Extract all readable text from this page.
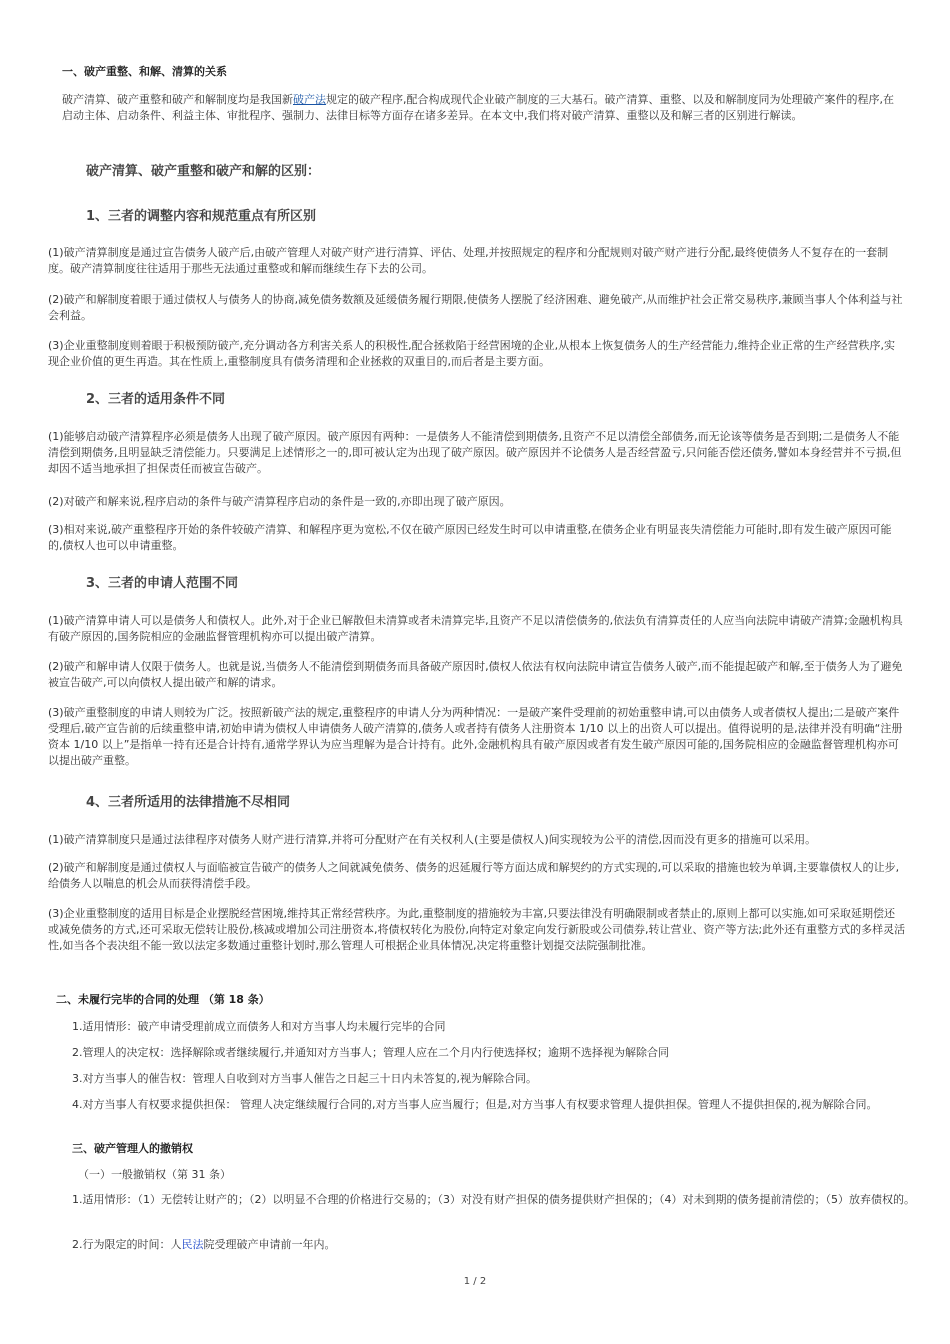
一、破产重整、和解、清算的关系

破产清算、破产重整和破产和解制度均是我国新破产法规定的破产程序,配合构成现代企业破产制度的三大基石。破产清算、重整、以及和解制度同为处理破产案件的程序,在启动主体、启动条件、利益主体、审批程序、强制力、法律目标等方面存在诸多差异。在本文中,我们将对破产清算、重整以及和解三者的区别进行解读。

破产清算、破产重整和破产和解的区别：

1、三者的调整内容和规范重点有所区别

(1)破产清算制度是通过宣告债务人破产后,由破产管理人对破产财产进行清算、评估、处理,并按照规定的程序和分配规则对破产财产进行分配,最终使债务人不复存在的一套制度。破产清算制度往往适用于那些无法通过重整或和解而继续生存下去的公司。

(2)破产和解制度着眼于通过债权人与债务人的协商,减免债务数额及延缓债务履行期限,使债务人摆脱了经济困难、避免破产,从而维护社会正常交易秩序,兼顾当事人个体利益与社会利益。

(3)企业重整制度则着眼于积极预防破产,充分调动各方利害关系人的积极性,配合拯救陷于经营困境的企业,从根本上恢复债务人的生产经营能力,维持企业正常的生产经营秩序,实现企业价值的更生再造。其在性质上,重整制度具有债务清理和企业拯救的双重目的,而后者是主要方面。

2、三者的适用条件不同

(1)能够启动破产清算程序必须是债务人出现了破产原因。破产原因有两种：一是债务人不能清偿到期债务,且资产不足以清偿全部债务,而无论该等债务是否到期;二是债务人不能清偿到期债务,且明显缺乏清偿能力。只要满足上述情形之一的,即可被认定为出现了破产原因。破产原因并不论债务人是否经营盈亏,只问能否偿还债务,譬如本身经营并不亏损,但却因不适当地承担了担保责任而被宣告破产。

(2)对破产和解来说,程序启动的条件与破产清算程序启动的条件是一致的,亦即出现了破产原因。

(3)相对来说,破产重整程序开始的条件较破产清算、和解程序更为宽松,不仅在破产原因已经发生时可以申请重整,在债务企业有明显丧失清偿能力可能时,即有发生破产原因可能的,债权人也可以申请重整。

3、三者的申请人范围不同

(1)破产清算申请人可以是债务人和债权人。此外,对于企业已解散但未清算或者未清算完毕,且资产不足以清偿债务的,依法负有清算责任的人应当向法院申请破产清算;金融机构具有破产原因的,国务院相应的金融监督管理机构亦可以提出破产清算。

(2)破产和解申请人仅限于债务人。也就是说,当债务人不能清偿到期债务而具备破产原因时,债权人依法有权向法院申请宣告债务人破产,而不能提起破产和解,至于债务人为了避免被宣告破产,可以向债权人提出破产和解的请求。

(3)破产重整制度的申请人则较为广泛。按照新破产法的规定,重整程序的申请人分为两种情况：一是破产案件受理前的初始重整申请,可以由债务人或者债权人提出;二是破产案件受理后,破产宣告前的后续重整申请,初始申请为债权人申请债务人破产清算的,债务人或者持有债务人注册资本 1/10 以上的出资人可以提出。值得说明的是,法律并没有明确“注册资本 1/10 以上”是指单一持有还是合计持有,通常学界认为应当理解为是合计持有。此外,金融机构具有破产原因或者有发生破产原因可能的,国务院相应的金融监督管理机构亦可以提出破产重整。

4、三者所适用的法律措施不尽相同

(1)破产清算制度只是通过法律程序对债务人财产进行清算,并将可分配财产在有关权利人(主要是债权人)间实现较为公平的清偿,因而没有更多的措施可以采用。

(2)破产和解制度是通过债权人与面临被宣告破产的债务人之间就减免债务、债务的迟延履行等方面达成和解契约的方式实现的,可以采取的措施也较为单调,主要靠债权人的让步,给债务人以喘息的机会从而获得清偿手段。

(3)企业重整制度的适用目标是企业摆脱经营困境,维持其正常经营秩序。为此,重整制度的措施较为丰富,只要法律没有明确限制或者禁止的,原则上都可以实施,如可采取延期偿还或减免债务的方式,还可采取无偿转让股份,核减或增加公司注册资本,将债权转化为股份,向特定对象定向发行新股或公司债券,转让营业、资产等方法;此外还有重整方式的多样灵活性,如当各个表决组不能一致以法定多数通过重整计划时,那么管理人可根据企业具体情况,决定将重整计划提交法院强制批准。

二、未履行完毕的合同的处理 （第 18 条）

1.适用情形：破产申请受理前成立而债务人和对方当事人均未履行完毕的合同

2.管理人的决定权：选择解除或者继续履行,并通知对方当事人；管理人应在二个月内行使选择权；逾期不选择视为解除合同

3.对方当事人的催告权：管理人自收到对方当事人催告之日起三十日内未答复的,视为解除合同。

4.对方当事人有权要求提供担保： 管理人决定继续履行合同的,对方当事人应当履行；但是,对方当事人有权要求管理人提供担保。管理人不提供担保的,视为解除合同。

三、破产管理人的撤销权

（一）一般撤销权（第 31 条）

1.适用情形：（1）无偿转让财产的；（2）以明显不合理的价格进行交易的；（3）对没有财产担保的债务提供财产担保的；（4）对未到期的债务提前清偿的；（5）放弃债权的。

2.行为限定的时间：人民法院受理破产申请前一年内。

1 / 2
